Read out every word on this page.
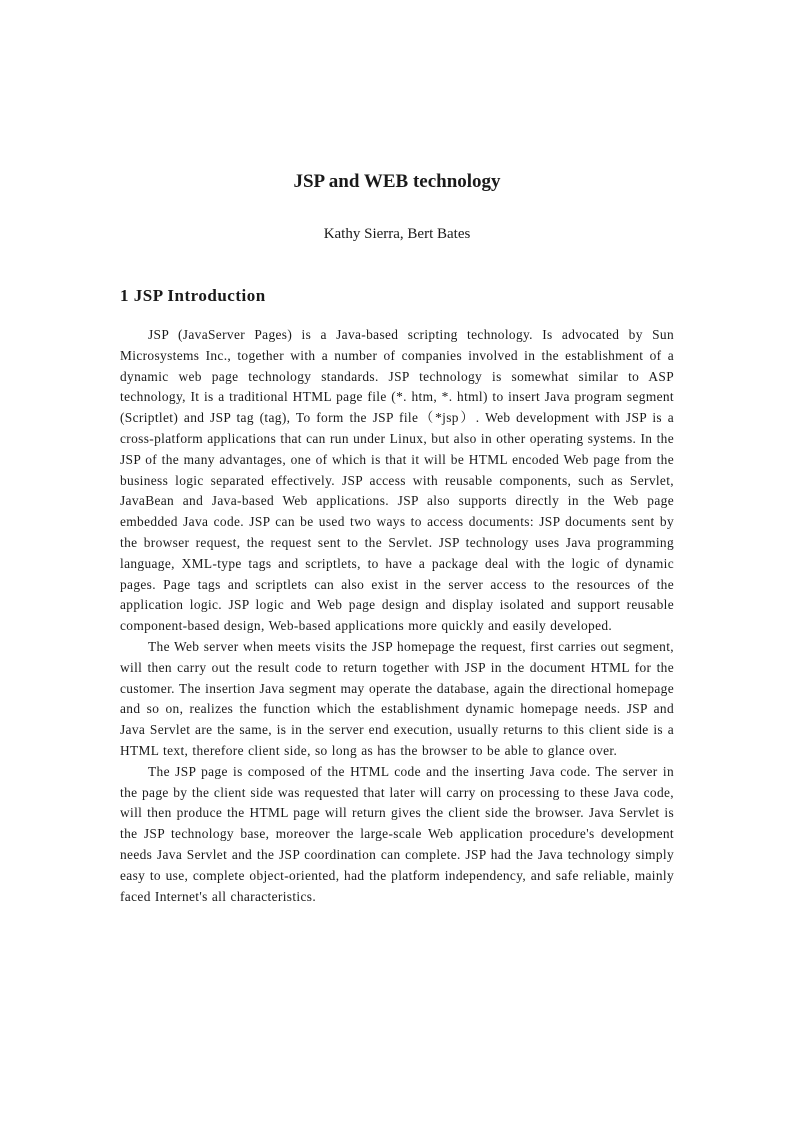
JSP and WEB technology

Kathy Sierra, Bert Bates

1 JSP Introduction

JSP (JavaServer Pages) is a Java-based scripting technology. Is advocated by Sun Microsystems Inc., together with a number of companies involved in the establishment of a dynamic web page technology standards. JSP technology is somewhat similar to ASP technology, It is a traditional HTML page file (*. htm, *. html) to insert Java program segment (Scriptlet) and JSP tag (tag), To form the JSP file（*jsp）. Web development with JSP is a cross-platform applications that can run under Linux, but also in other operating systems. In the JSP of the many advantages, one of which is that it will be HTML encoded Web page from the business logic separated effectively. JSP access with reusable components, such as Servlet, JavaBean and Java-based Web applications. JSP also supports directly in the Web page embedded Java code. JSP can be used two ways to access documents: JSP documents sent by the browser request, the request sent to the Servlet. JSP technology uses Java programming language, XML-type tags and scriptlets, to have a package deal with the logic of dynamic pages. Page tags and scriptlets can also exist in the server access to the resources of the application logic. JSP logic and Web page design and display isolated and support reusable component-based design, Web-based applications more quickly and easily developed.

The Web server when meets visits the JSP homepage the request, first carries out segment, will then carry out the result code to return together with JSP in the document HTML for the customer. The insertion Java segment may operate the database, again the directional homepage and so on, realizes the function which the establishment dynamic homepage needs. JSP and Java Servlet are the same, is in the server end execution, usually returns to this client side is a HTML text, therefore client side, so long as has the browser to be able to glance over.

The JSP page is composed of the HTML code and the inserting Java code. The server in the page by the client side was requested that later will carry on processing to these Java code, will then produce the HTML page will return gives the client side the browser. Java Servlet is the JSP technology base, moreover the large-scale Web application procedure's development needs Java Servlet and the JSP coordination can complete. JSP had the Java technology simply easy to use, complete object-oriented, had the platform independency, and safe reliable, mainly faced Internet's all characteristics.
